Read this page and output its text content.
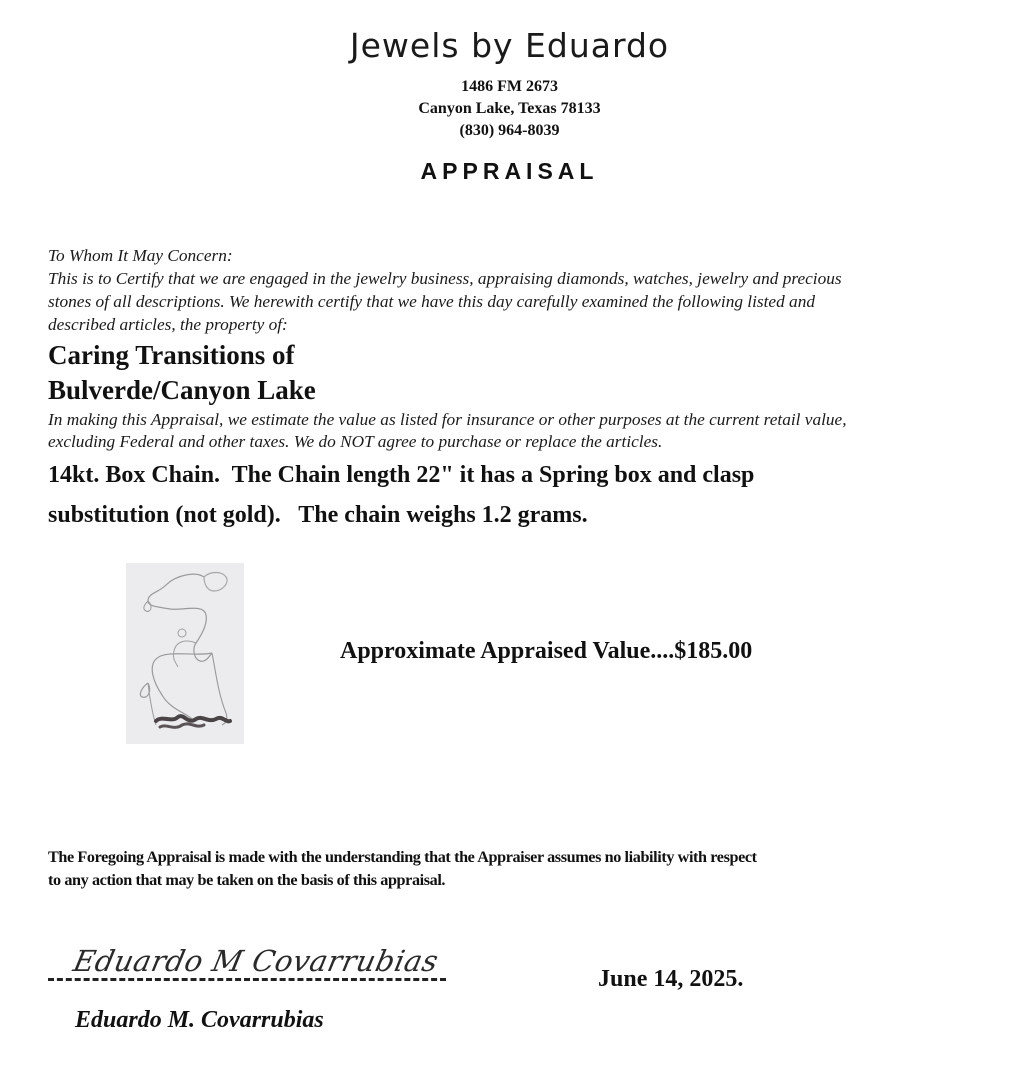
Jewels by Eduardo
1486 FM 2673
Canyon Lake, Texas 78133
(830) 964-8039
APPRAISAL

To Whom It May Concern:

This is to Certify that we are engaged in the jewelry business, appraising diamonds, watches, jewelry and precious

stones of all descriptions. We herewith certify that we have this day carefully examined the following listed and

described articles, the property of:

Caring Transitions of
Bulverde/Canyon Lake

In making this Appraisal, we estimate the value as listed for insurance or other purposes at the current retail value,

excluding Federal and other taxes. We do NOT agree to purchase or replace the articles.

14kt. Box Chain.  The Chain length 22" it has a Spring box and clasp

substitution (not gold).   The chain weighs 1.2 grams.

Approximate Appraised Value....$185.00

The Foregoing Appraisal is made with the understanding that the Appraiser assumes no liability with respect

to any action that may be taken on the basis of this appraisal.

Eduardo M Covarrubias
June 14, 2025.
Eduardo M. Covarrubias
